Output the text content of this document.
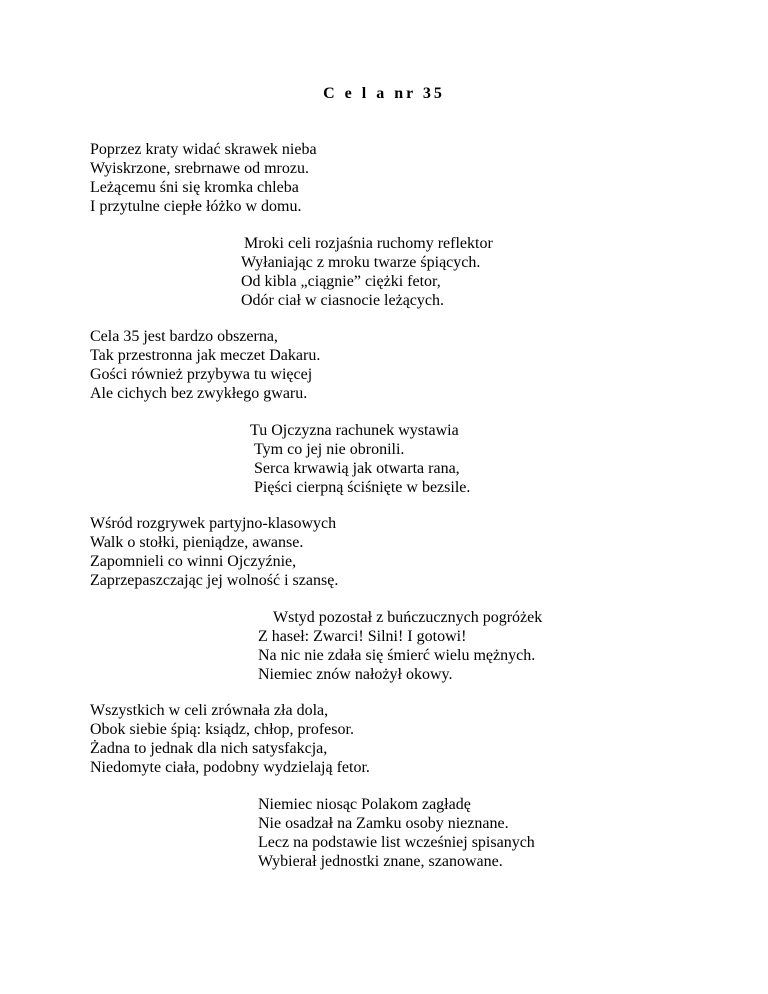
C e l a nr 35
Poprzez kraty widać skrawek nieba
Wyiskrzone, srebrnawe od mrozu.
Leżącemu śni się kromka chleba
I przytulne ciepłe łóżko w domu.
Mroki celi rozjaśnia ruchomy reflektor
Wyłaniając z mroku twarze śpiących.
Od kibla „ciągnie” ciężki fetor,
Odór ciał w ciasnocie leżących.
Cela 35 jest bardzo obszerna,
Tak przestronna jak meczet Dakaru.
Gości również przybywa tu więcej
Ale cichych bez zwykłego gwaru.
Tu Ojczyzna rachunek wystawia
Tym co jej nie obronili.
Serca krwawią jak otwarta rana,
Pięści cierpną ściśnięte w bezsile.
Wśród rozgrywek partyjno-klasowych
Walk o stołki, pieniądze, awanse.
Zapomnieli co winni Ojczyźnie,
Zaprzepaszczając jej wolność i szansę.
Wstyd pozostał z buńczucznych pogróżek
Z haseł: Zwarci! Silni! I gotowi!
Na nic nie zdała się śmierć wielu mężnych.
Niemiec znów nałożył okowy.
Wszystkich w celi zrównała zła dola,
Obok siebie śpią: ksiądz, chłop, profesor.
Żadna to jednak dla nich satysfakcja,
Niedomyte ciała, podobny wydzielają fetor.
Niemiec niosąc Polakom zagładę
Nie osadzał na Zamku osoby nieznane.
Lecz na podstawie list wcześniej spisanych
Wybierał jednostki znane, szanowane.
